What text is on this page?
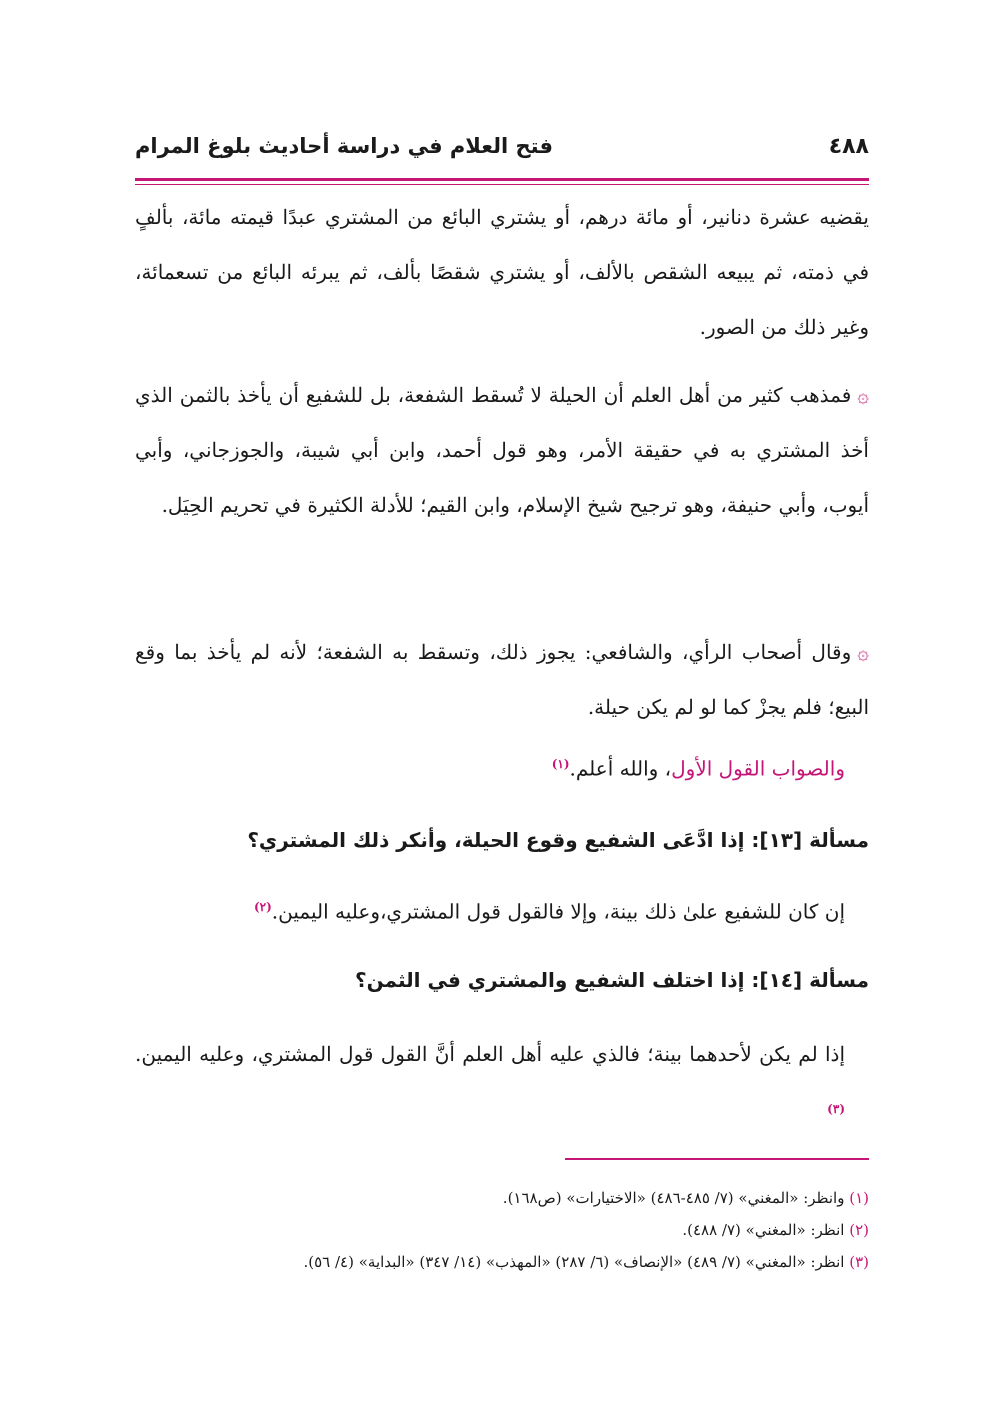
٤٨٨
فتح العلام في دراسة أحاديث بلوغ المرام

يقضيه عشرة دنانير، أو مائة درهم، أو يشتري البائع من المشتري عبدًا قيمته مائة، بألفٍ في ذمته، ثم يبيعه الشقص بالألف، أو يشتري شقصًا بألف، ثم يبرئه البائع من تسعمائة، وغير ذلك من الصور.

۞فمذهب كثير من أهل العلم أن الحيلة لا تُسقط الشفعة، بل للشفيع أن يأخذ بالثمن الذي أخذ المشتري به في حقيقة الأمر، وهو قول أحمد، وابن أبي شيبة، والجوزجاني، وأبي أيوب، وأبي حنيفة، وهو ترجيح شيخ الإسلام، وابن القيم؛ للأدلة الكثيرة في تحريم الحِيَل.

۞وقال أصحاب الرأي، والشافعي: يجوز ذلك، وتسقط به الشفعة؛ لأنه لم يأخذ بما وقع البيع؛ فلم يجزْ كما لو لم يكن حيلة.

والصواب القول الأول، والله أعلم.$^{(١)}$

مسألة [١٣]: إذا ادَّعَى الشفيع وقوع الحيلة، وأنكر ذلك المشتري؟

إن كان للشفيع علىٰ ذلك بينة، وإلا فالقول قول المشتري،وعليه اليمين.$^{(٢)}$

مسألة [١٤]: إذا اختلف الشفيع والمشتري في الثمن؟

إذا لم يكن لأحدهما بينة؛ فالذي عليه أهل العلم أنَّ القول قول المشتري، وعليه اليمين.$^{(٣)}$

(١) وانظر: «المغني» (٧/ ٤٨٥-٤٨٦) «الاختيارات» (ص١٦٨).

(٢) انظر: «المغني» (٧/ ٤٨٨).

(٣) انظر: «المغني» (٧/ ٤٨٩) «الإنصاف» (٦/ ٢٨٧) «المهذب» (١٤/ ٣٤٧) «البداية» (٤/ ٥٦).
